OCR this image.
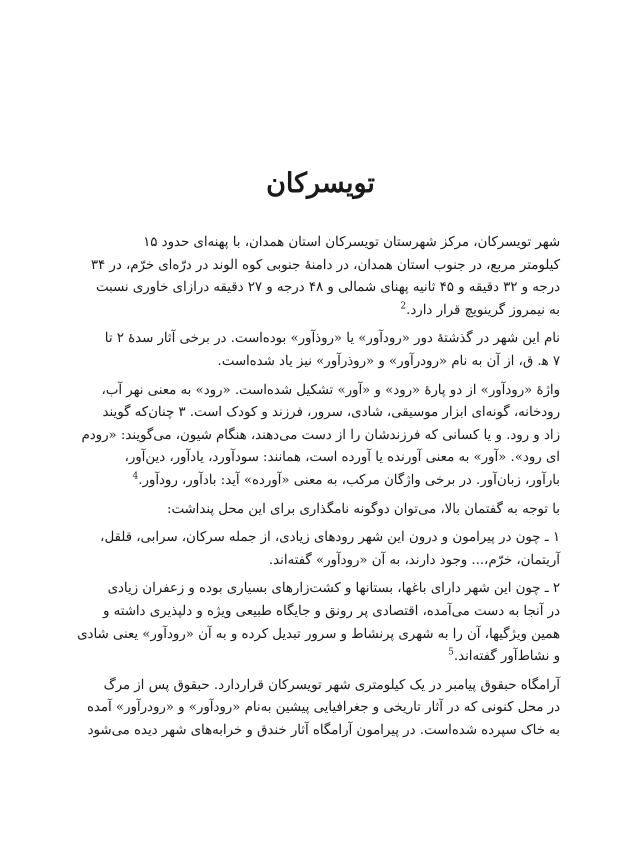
تویسرکان

شهر تویسرکان، مرکز شهرستان تویسرکان استان همدان، با پهنه‌ای حدود ۱۵
کیلومتر مربع، در جنوب استان همدان، در دامنهٔ جنوبی کوه الوند در درّه‌ای خرّم، در ۳۴
درجه و ۳۲ دقیقه و ۴۵ ثانیه پهنای شمالی و ۴۸ درجه و ۲۷ دقیقه درازای خاوری نسبت
به نیمروز گرینویچ قرار دارد.$^2$

نام این شهر در گذشتهٔ دور «رودآور» یا «روذآور» بوده‌است. در برخی آثار سدهٔ ۲ تا
۷ ه‍. ق، از آن به نام «رودرآور» و «روذرآور» نیز یاد شده‌است.

واژهٔ «رودآور» از دو پارهٔ «رود» و «آور» تشکیل شده‌است. «رود» به معنی نهر آب،
رودخانه، گونه‌ای ابزار موسیقی، شادی، سرور، فرزند و کودک است. ۳ چنان‌که گویند
زاد و رود. و یا کسانی که فرزندشان را از دست می‌دهند، هنگام شیون، می‌گویند: «رودم
ای رود». «آور» به معنی آورنده یا آورده است، همانند: سودآورد، یادآور، دین‌آور،
بارآور، زبان‌آور. در برخی واژگان مرکب، به معنی «آورده» آید: بادآور، رودآور.$^4$

با توجه به گفتمان بالا، می‌توان دوگونه نامگذاری برای این محل پنداشت:

۱ ـ چون در پیرامون و درون این شهر رودهای زیادی، از جمله سرکان، سرابی، قلقل،
آریتمان، خرّم،... وجود دارند، به آن «رودآور» گفته‌اند.

۲ ـ چون این شهر دارای باغها، بستانها و کشت‌زارهای بسیاری بوده و زعفران زیادی
در آنجا به دست می‌آمده، اقتصادی پر رونق و جایگاه طبیعی ویژه و دلپذیری داشته و
همین ویژگیها، آن را به شهری پرنشاط و سرور تبدیل کرده و به آن «رودآور» یعنی شادی
و نشاط‌آور گفته‌اند.$^5$

آرامگاه حبقوق پیامبر در یک کیلومتری شهر تویسرکان قراردارد. حبقوق پس از مرگ
در محل کنونی که در آثار تاریخی و جغرافیایی پیشین به‌نام «رودآور» و «رودرآور» آمده
به خاک سپرده شده‌است. در پیرامون آرامگاه آثار خندق و خرابه‌های شهر دیده می‌شود
